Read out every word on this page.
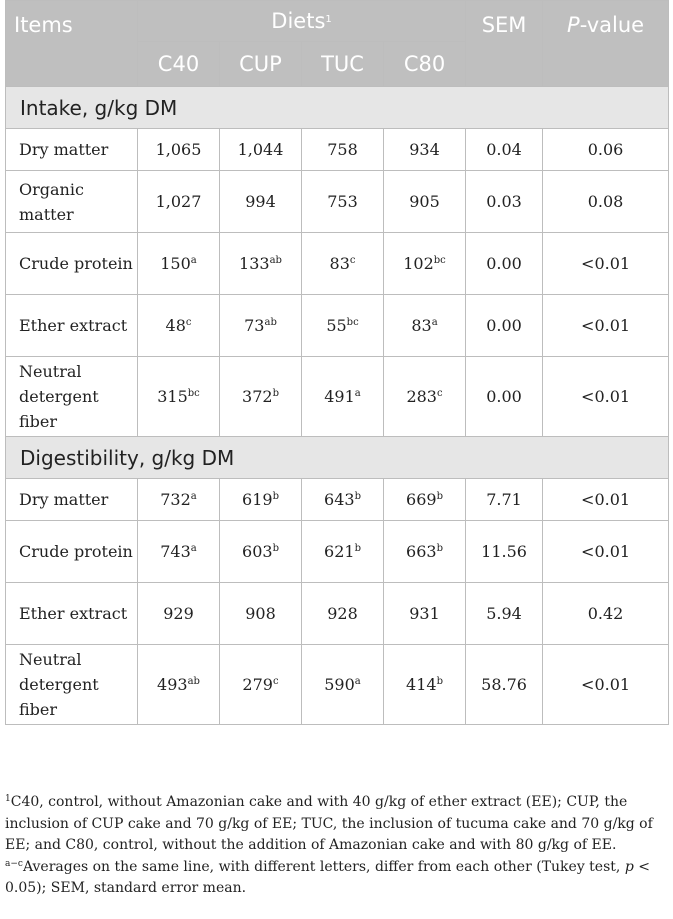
Items	Diets$^1$				SEM	P-value
	C40	CUP	TUC	C80		
Intake, g/kg DM						
Dry matter	1,065	1,044	758	934	0.04	0.06
Organic matter	1,027	994	753	905	0.03	0.08
Crude protein	150$^a$	$133^{ab}$	83$^c$	$102^{bc}$	0.00	<0.01
Ether extract	48$^c$	$73^{ab}$	$55^{bc}$	83$^a$	0.00	<0.01
Neutral detergent fiber	$315^{bc}$	372$^b$	491$^a$	283$^c$	0.00	<0.01
Digestibility, g/kg DM						
Dry matter	732$^a$	619$^b$	643$^b$	669$^b$	7.71	<0.01
Crude protein	743$^a$	603$^b$	621$^b$	663$^b$	11.56	<0.01
Ether extract	929	908	928	931	5.94	0.42
Neutral detergent fiber	$493^{ab}$	279$^c$	590$^a$	414$^b$	58.76	<0.01

$^1$C40, control, without Amazonian cake and with 40 g/kg of ether extract (EE); CUP, the inclusion of CUP cake and 70 g/kg of EE; TUC, the inclusion of tucuma cake and 70 g/kg of EE; and C80, control, without the addition of Amazonian cake and with 80 g/kg of EE.

$^{a-c}$Averages on the same line, with different letters, differ from each other (Tukey test, p < 0.05); SEM, standard error mean.
